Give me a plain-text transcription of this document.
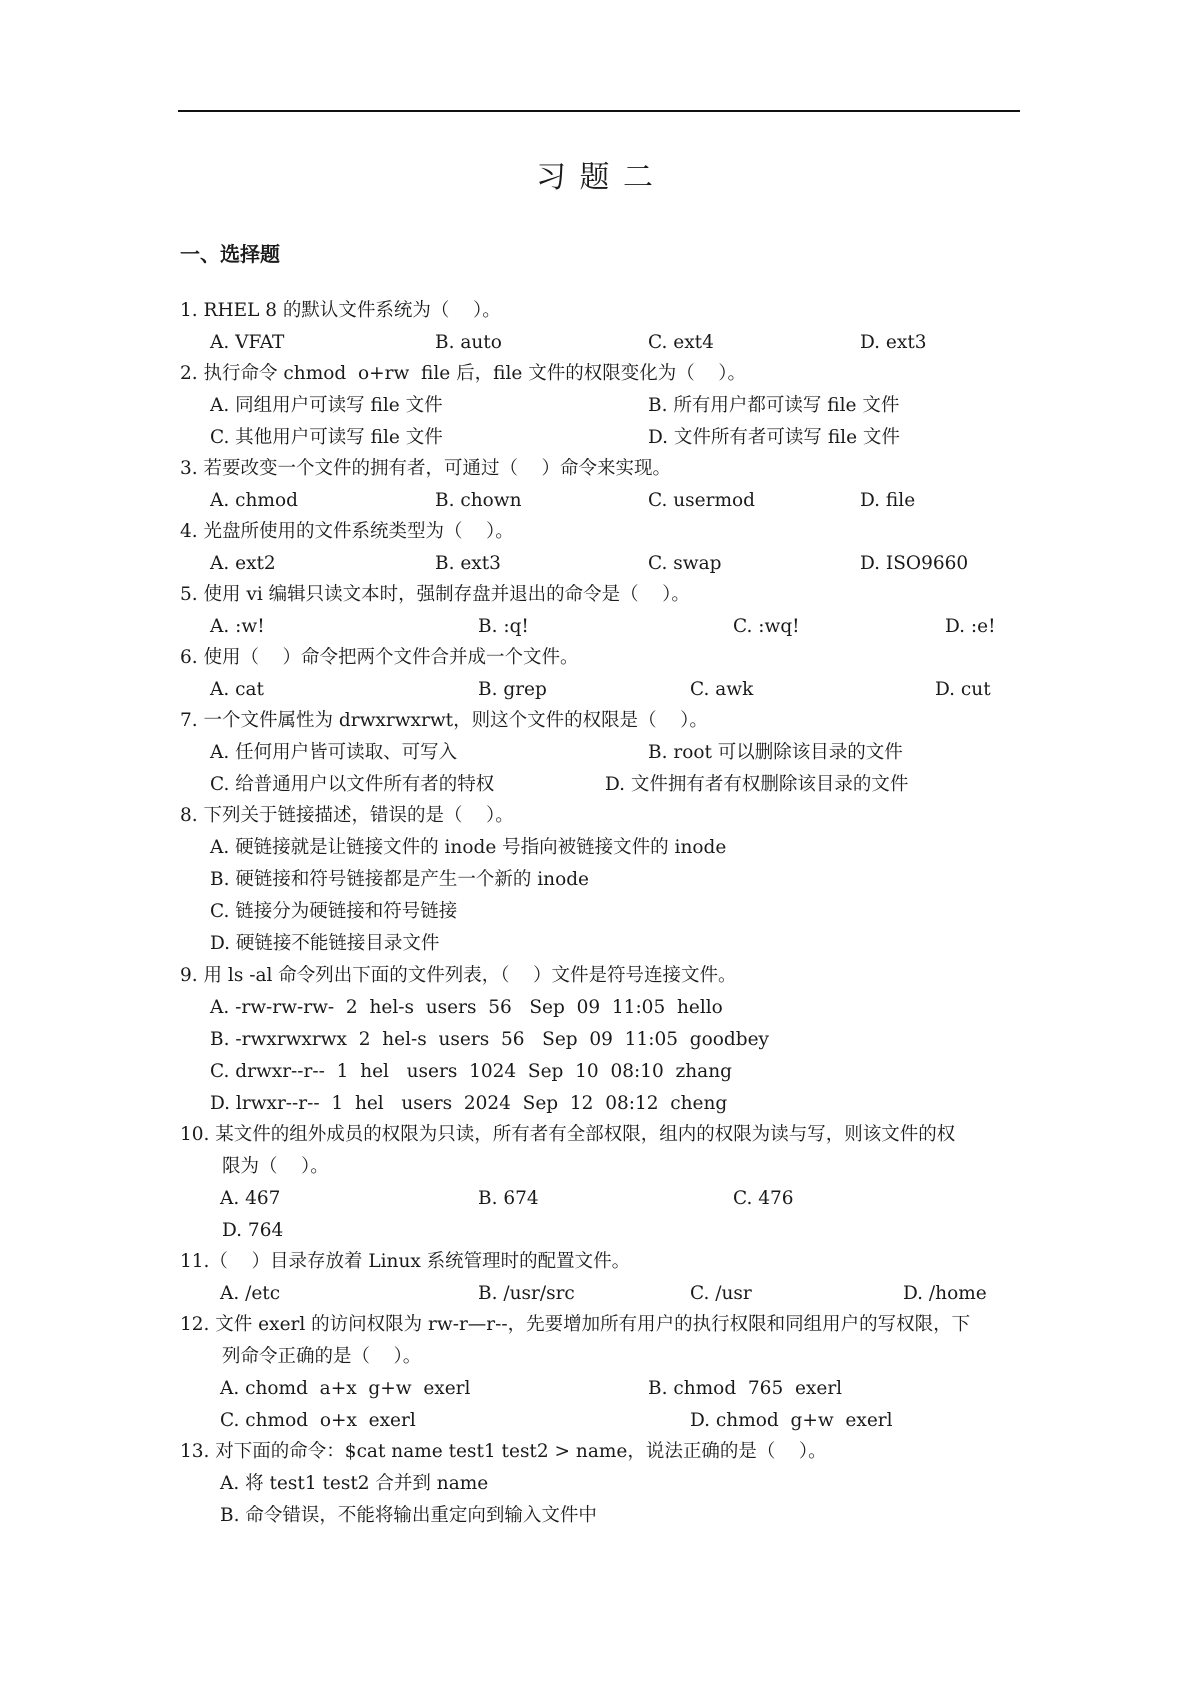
习 题 二
一、选择题
1. RHEL 8 的默认文件系统为（    ）。
A. VFAT	B. auto	C. ext4	D. ext3
2. 执行命令 chmod  o+rw  file 后，file 文件的权限变化为（    ）。
A. 同组用户可读写 file 文件	B. 所有用户都可读写 file 文件
C. 其他用户可读写 file 文件	D. 文件所有者可读写 file 文件
3. 若要改变一个文件的拥有者，可通过（    ）命令来实现。
A. chmod	B. chown	C. usermod	D. file
4. 光盘所使用的文件系统类型为（    ）。
A. ext2	B. ext3	C. swap	D. ISO9660
5. 使用 vi 编辑只读文本时，强制存盘并退出的命令是（    ）。
A. :w!	B. :q!	C. :wq!	D. :e!
6. 使用（    ）命令把两个文件合并成一个文件。
A. cat	B. grep	C. awk	D. cut
7. 一个文件属性为 drwxrwxrwt，则这个文件的权限是（    ）。
A. 任何用户皆可读取、可写入	B. root 可以删除该目录的文件
C. 给普通用户以文件所有者的特权	D. 文件拥有者有权删除该目录的文件
8. 下列关于链接描述，错误的是（    ）。
A. 硬链接就是让链接文件的 inode 号指向被链接文件的 inode
B. 硬链接和符号链接都是产生一个新的 inode
C. 链接分为硬链接和符号链接
D. 硬链接不能链接目录文件
9. 用 ls -al 命令列出下面的文件列表，（    ）文件是符号连接文件。
A. -rw-rw-rw-  2  hel-s  users  56   Sep  09  11:05  hello
B. -rwxrwxrwx  2  hel-s  users  56   Sep  09  11:05  goodbey
C. drwxr--r--  1  hel   users  1024  Sep  10  08:10  zhang
D. lrwxr--r--  1  hel   users  2024  Sep  12  08:12  cheng
10. 某文件的组外成员的权限为只读，所有者有全部权限，组内的权限为读与写，则该文件的权
限为（    ）。
A. 467	B. 674	C. 476
D. 764
11.（    ）目录存放着 Linux 系统管理时的配置文件。
A. /etc	B. /usr/src	C. /usr	D. /home
12. 文件 exerl 的访问权限为 rw-r—r--，先要增加所有用户的执行权限和同组用户的写权限，下
列命令正确的是（    ）。
A. chomd  a+x  g+w  exerl	B. chmod  765  exerl
C. chmod  o+x  exerl	D. chmod  g+w  exerl
13. 对下面的命令：$cat name test1 test2 > name，说法正确的是（    ）。
A. 将 test1 test2 合并到 name
B. 命令错误，不能将输出重定向到输入文件中
